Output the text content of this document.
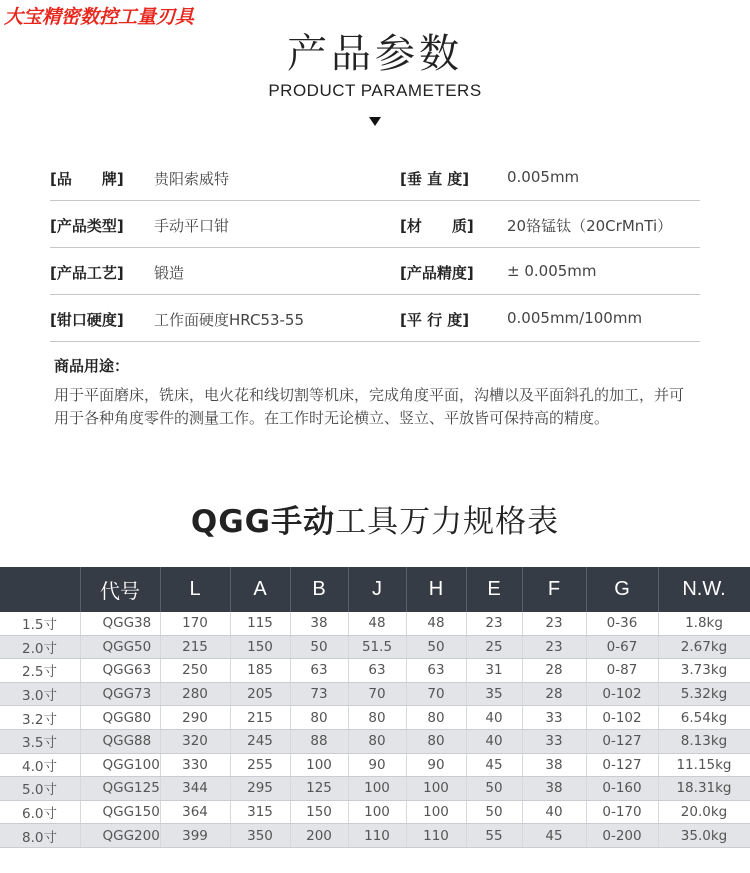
大宝精密数控工量刃具
产品参数
PRODUCT PARAMETERS
[品　　牌] 贵阳索威特	[垂 直 度]	0.005mm
[产品类型] 手动平口钳	[材　　质] 20铬锰钛（20CrMnTi）
[产品工艺] 锻造	[产品精度] ± 0.005mm
[钳口硬度] 工作面硬度HRC53-55	[平 行 度]	0.005mm/100mm
商品用途：
用于平面磨床，铣床，电火花和线切割等机床，完成角度平面，沟槽以及平面斜孔的加工，并可用于各种角度零件的测量工作。在工作时无论横立、竖立、平放皆可保持高的精度。
QGG手动工具万力规格表
	代号	L	A	B	J	H	E	F	G	N.W.
1.5寸	QGG38	170	115	38	48	48	23	23	0-36	1.8kg
2.0寸	QGG50	215	150	50	51.5	50	25	23	0-67	2.67kg
2.5寸	QGG63	250	185	63	63	63	31	28	0-87	3.73kg
3.0寸	QGG73	280	205	73	70	70	35	28	0-102	5.32kg
3.2寸	QGG80	290	215	80	80	80	40	33	0-102	6.54kg
3.5寸	QGG88	320	245	88	80	80	40	33	0-127	8.13kg
4.0寸	QGG100	330	255	100	90	90	45	38	0-127	11.15kg
5.0寸	QGG125	344	295	125	100	100	50	38	0-160	18.31kg
6.0寸	QGG150	364	315	150	100	100	50	40	0-170	20.0kg
8.0寸	QGG200	399	350	200	110	110	55	45	0-200	35.0kg
